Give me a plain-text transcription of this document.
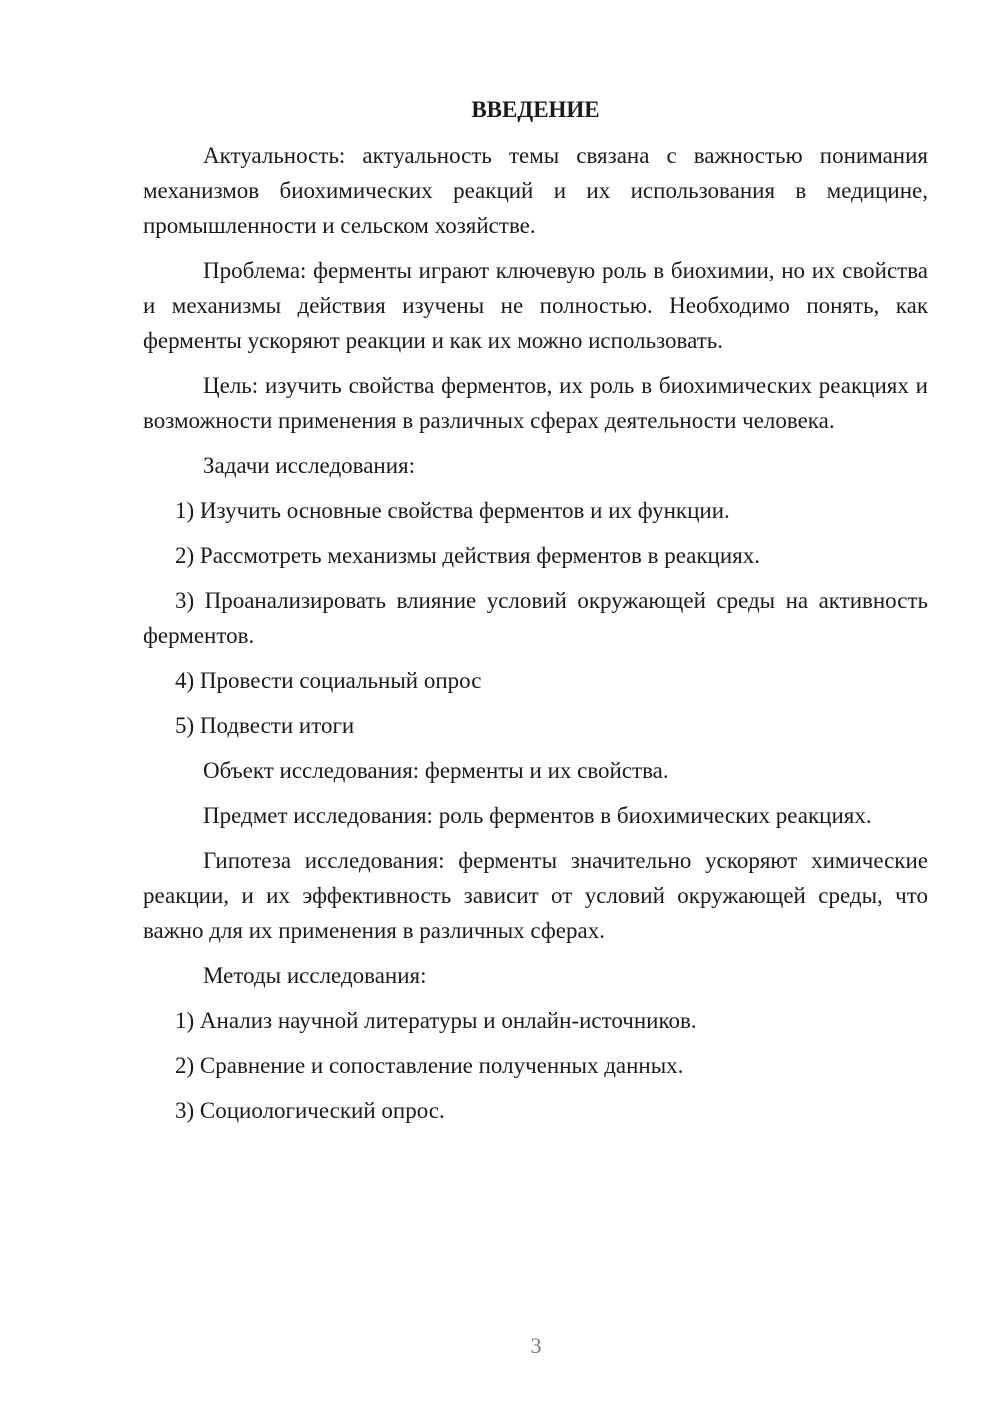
ВВЕДЕНИЕ

Актуальность: актуальность темы связана с важностью понимания механизмов биохимических реакций и их использования в медицине, промышленности и сельском хозяйстве.

Проблема: ферменты играют ключевую роль в биохимии, но их свойства и механизмы действия изучены не полностью. Необходимо понять, как ферменты ускоряют реакции и как их можно использовать.

Цель: изучить свойства ферментов, их роль в биохимических реакциях и возможности применения в различных сферах деятельности человека.

Задачи исследования:

1) Изучить основные свойства ферментов и их функции.

2) Рассмотреть механизмы действия ферментов в реакциях.

3) Проанализировать влияние условий окружающей среды на активность ферментов.

4) Провести социальный опрос

5) Подвести итоги

Объект исследования: ферменты и их свойства.

Предмет исследования: роль ферментов в биохимических реакциях.

Гипотеза исследования: ферменты значительно ускоряют химические реакции, и их эффективность зависит от условий окружающей среды, что важно для их применения в различных сферах.

Методы исследования:

1) Анализ научной литературы и онлайн-источников.

2) Сравнение и сопоставление полученных данных.

3) Социологический опрос.

3
